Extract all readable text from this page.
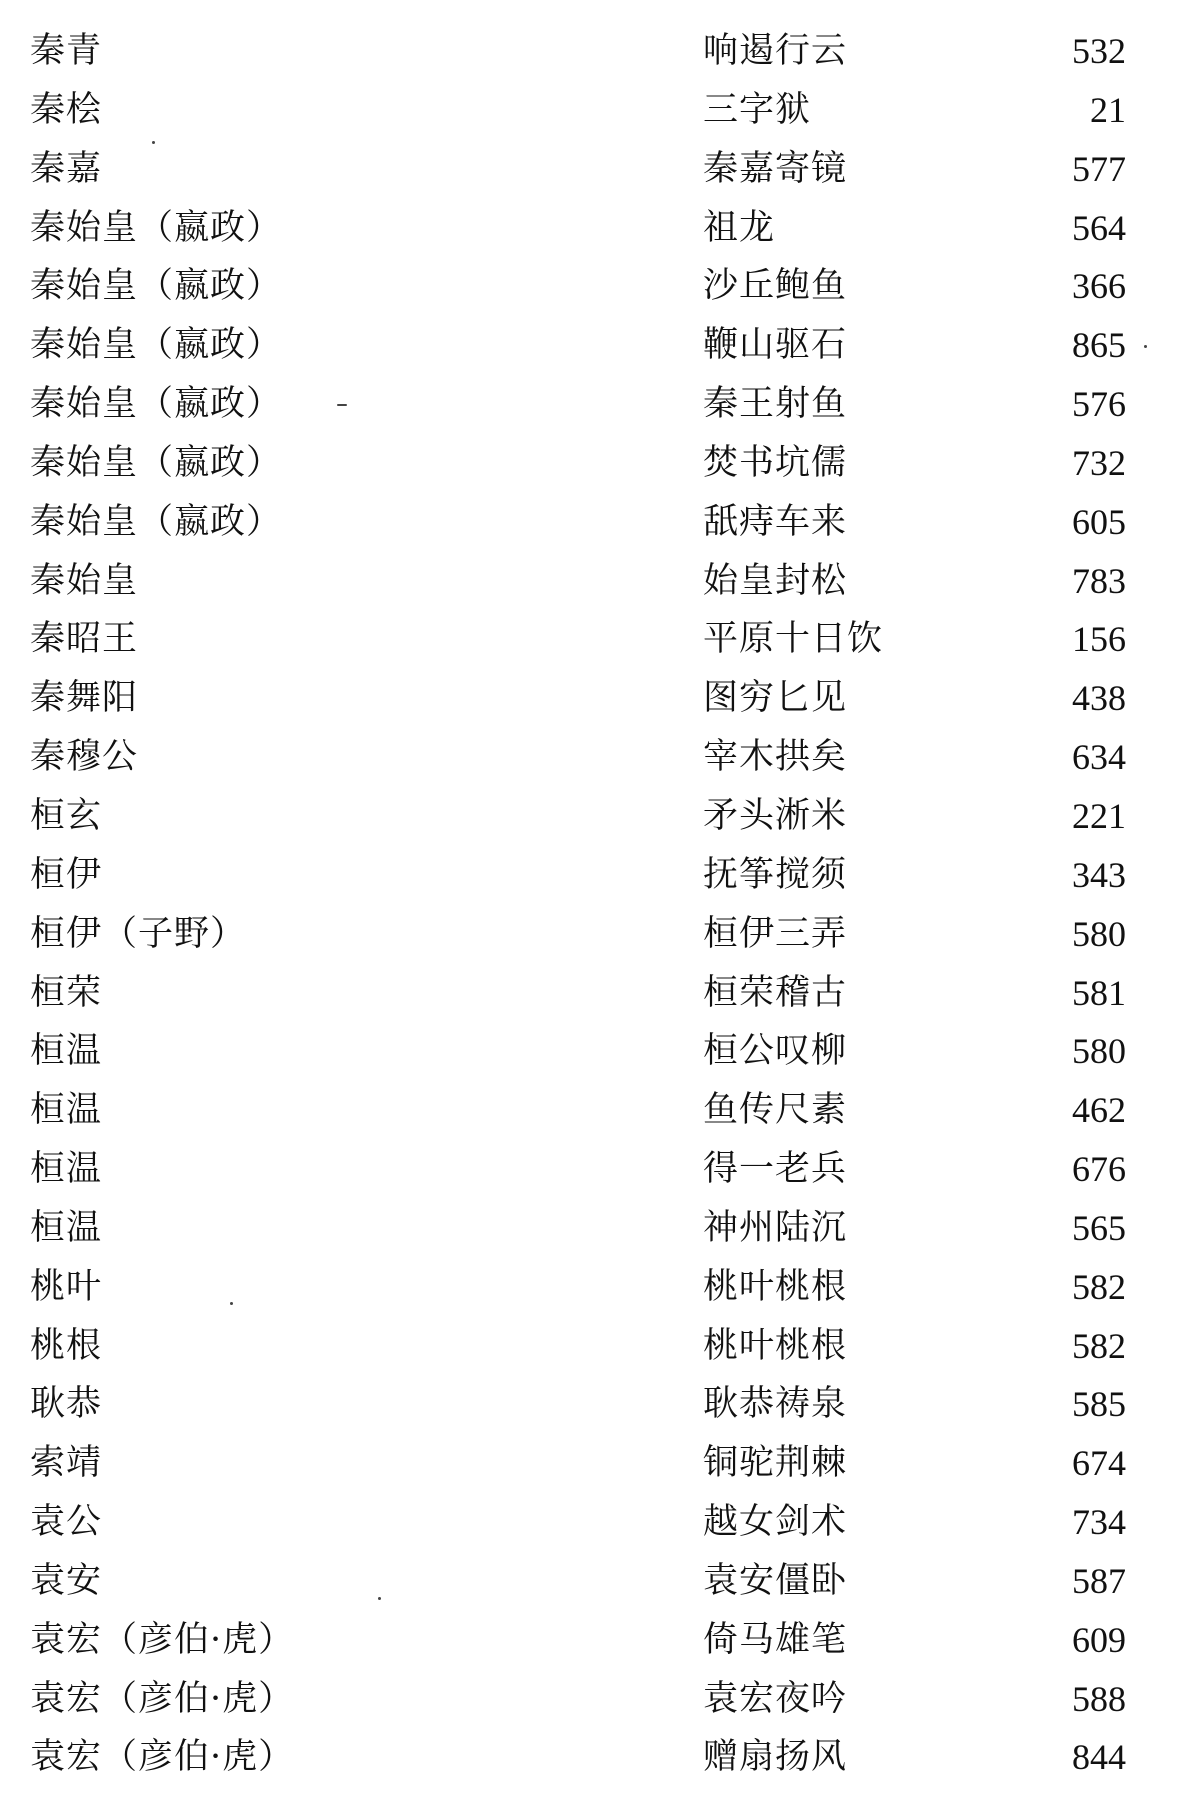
秦青	响遏行云	532
秦桧	三字狱	21
秦嘉	秦嘉寄镜	577
秦始皇（嬴政）	祖龙	564
秦始皇（嬴政）	沙丘鲍鱼	366
秦始皇（嬴政）	鞭山驱石	865
秦始皇（嬴政）	秦王射鱼	576
秦始皇（嬴政）	焚书坑儒	732
秦始皇（嬴政）	舐痔车来	605
秦始皇	始皇封松	783
秦昭王	平原十日饮	156
秦舞阳	图穷匕见	438
秦穆公	宰木拱矣	634
桓玄	矛头淅米	221
桓伊	抚筝搅须	343
桓伊（子野）	桓伊三弄	580
桓荣	桓荣稽古	581
桓温	桓公叹柳	580
桓温	鱼传尺素	462
桓温	得一老兵	676
桓温	神州陆沉	565
桃叶	桃叶桃根	582
桃根	桃叶桃根	582
耿恭	耿恭祷泉	585
索靖	铜驼荆棘	674
袁公	越女剑术	734
袁安	袁安僵卧	587
袁宏（彦伯·虎）	倚马雄笔	609
袁宏（彦伯·虎）	袁宏夜吟	588
袁宏（彦伯·虎）	赠扇扬风	844
